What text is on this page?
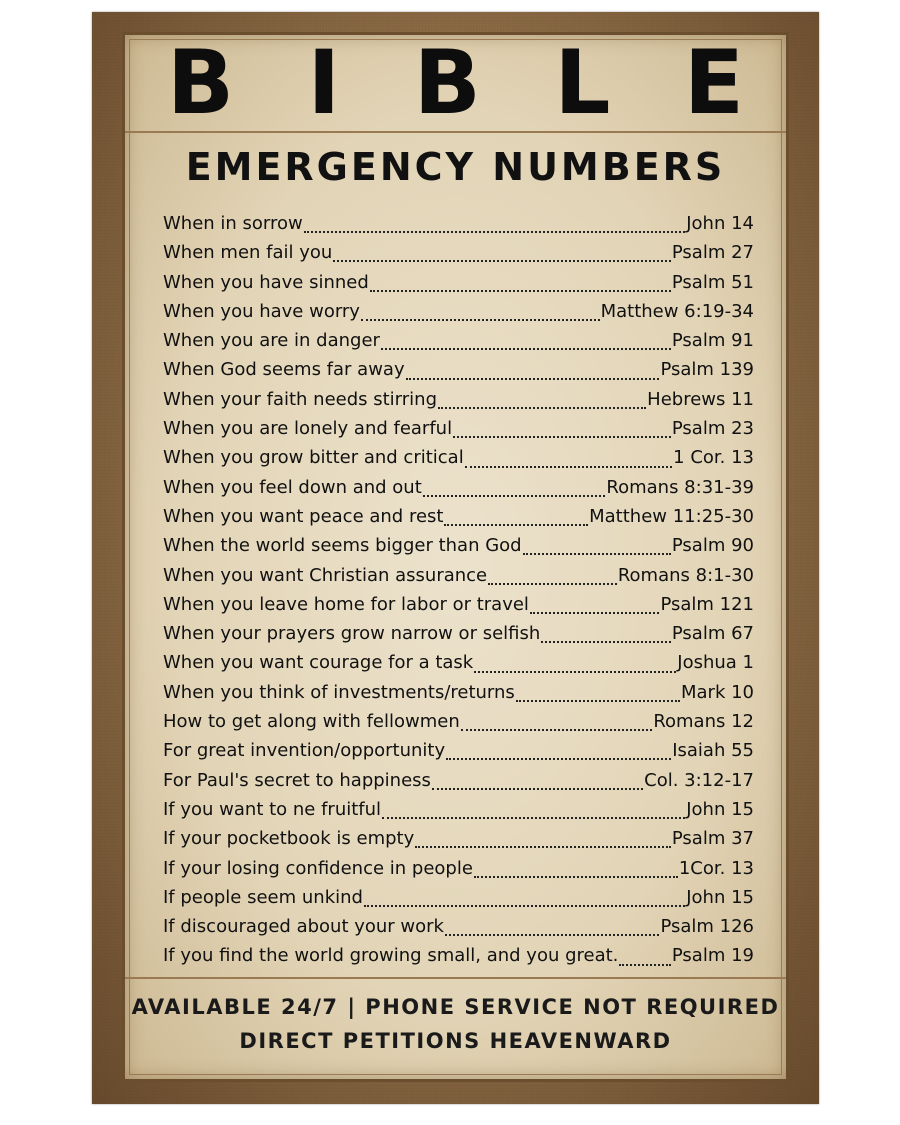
B I B L E
EMERGENCY NUMBERS
When in sorrow	John 14
When men fail you	Psalm 27
When you have sinned	Psalm 51
When you have worry	Matthew 6:19-34
When you are in danger	Psalm 91
When God seems far away	Psalm 139
When your faith needs stirring	Hebrews 11
When you are lonely and fearful	Psalm 23
When you grow bitter and critical	1 Cor. 13
When you feel down and out	Romans 8:31-39
When you want peace and rest	Matthew 11:25-30
When the world seems bigger than God	Psalm 90
When you want Christian assurance	Romans 8:1-30
When you leave home for labor or travel	Psalm 121
When your prayers grow narrow or selfish	Psalm 67
When you want courage for a task	Joshua 1
When you think of investments/returns	Mark 10
How to get along with fellowmen	Romans 12
For great invention/opportunity	Isaiah 55
For Paul's secret to happiness	Col. 3:12-17
If you want to ne fruitful	John 15
If your pocketbook is empty	Psalm 37
If your losing confidence in people	1Cor. 13
If people seem unkind	John 15
If discouraged about your work	Psalm 126
If you find the world growing small, and you great.	Psalm 19
AVAILABLE 24/7 | PHONE SERVICE NOT REQUIRED
DIRECT PETITIONS HEAVENWARD
